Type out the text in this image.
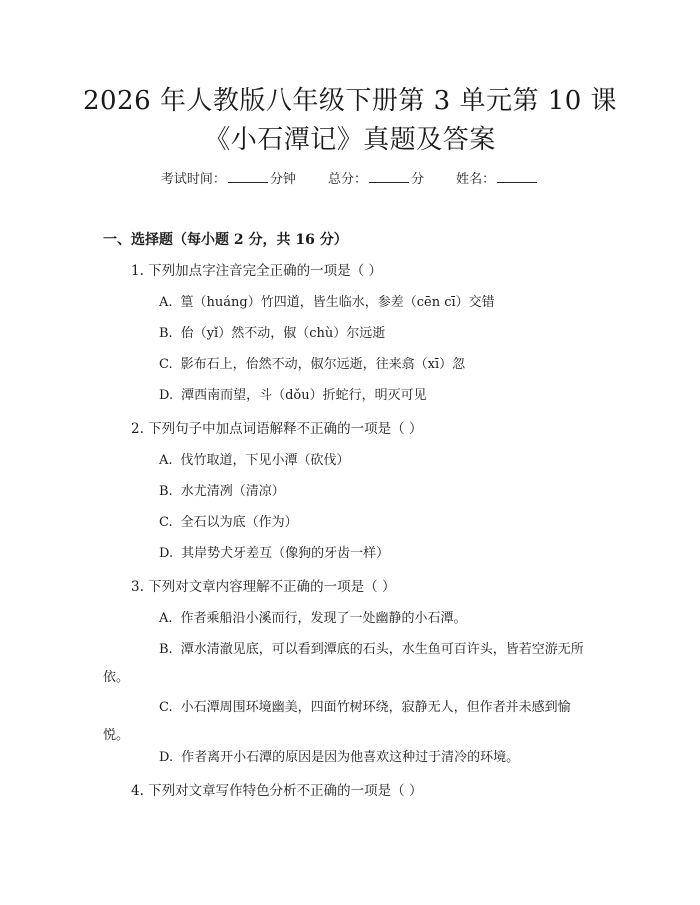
2026 年人教版八年级下册第 3 单元第 10 课
《小石潭记》真题及答案
考试时间：	分钟 总分：	分 姓名：
一、选择题（每小题 2 分，共 16 分）
1. 下列加点字注音完全正确的一项是（ ）
A. 篁（huáng）竹四道，皆生临水，参差（cēn cī）交错
B. 佁（yǐ）然不动，俶（chù）尔远逝
C. 影布石上，佁然不动，俶尔远逝，往来翕（xī）忽
D. 潭西南而望，斗（dǒu）折蛇行，明灭可见
2. 下列句子中加点词语解释不正确的一项是（ ）
A. 伐竹取道，下见小潭（砍伐）
B. 水尤清冽（清凉）
C. 全石以为底（作为）
D. 其岸势犬牙差互（像狗的牙齿一样）
3. 下列对文章内容理解不正确的一项是（ ）
A. 作者乘船沿小溪而行，发现了一处幽静的小石潭。
B. 潭水清澈见底，可以看到潭底的石头，水生鱼可百许头，皆若空游无所依。
C. 小石潭周围环境幽美，四面竹树环绕，寂静无人，但作者并未感到愉悦。
D. 作者离开小石潭的原因是因为他喜欢这种过于清冷的环境。
4. 下列对文章写作特色分析不正确的一项是（ ）
